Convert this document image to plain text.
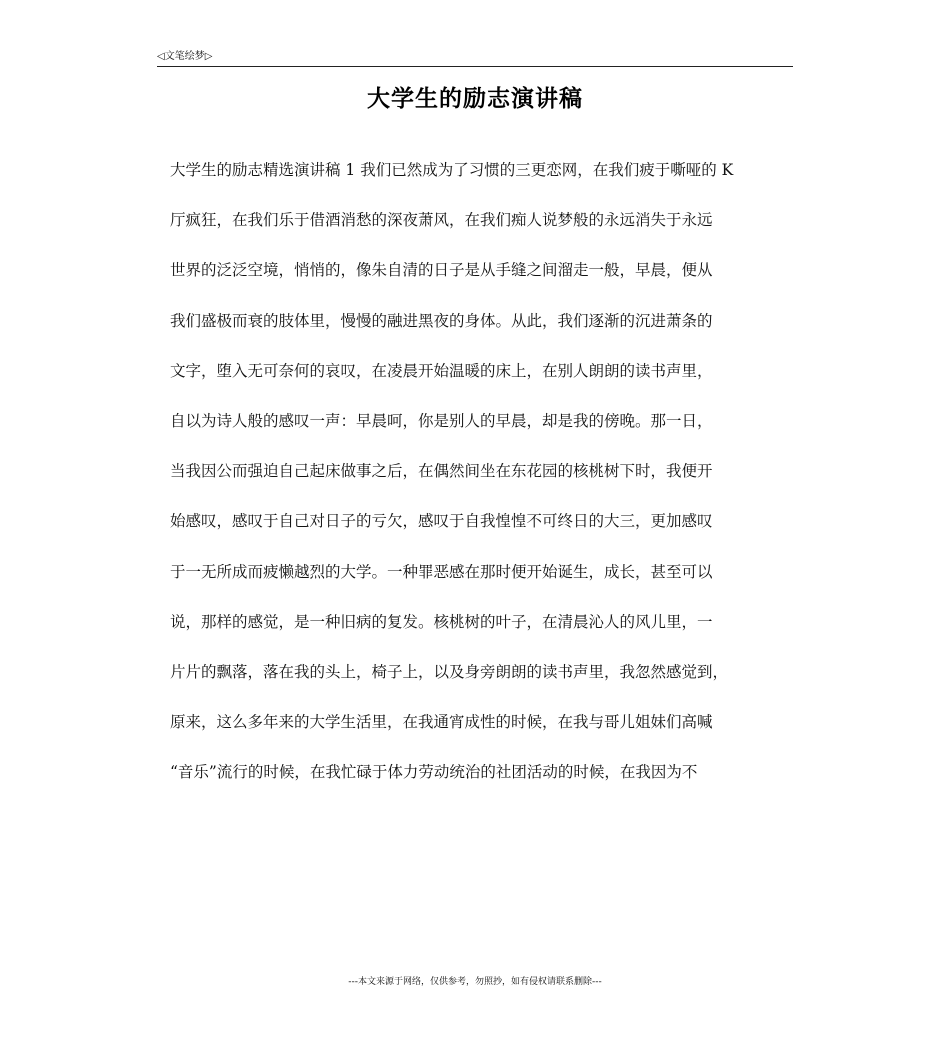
◁文笔绘梦▷
大学生的励志演讲稿
大学生的励志精选演讲稿 1 我们已然成为了习惯的三更恋网，在我们疲于嘶哑的 K
厅疯狂，在我们乐于借酒消愁的深夜萧风，在我们痴人说梦般的永远消失于永远
世界的泛泛空境，悄悄的，像朱自清的日子是从手缝之间溜走一般，早晨，便从
我们盛极而衰的肢体里，慢慢的融进黑夜的身体。从此，我们逐渐的沉进萧条的
文字，堕入无可奈何的哀叹，在凌晨开始温暖的床上，在别人朗朗的读书声里，
自以为诗人般的感叹一声：早晨呵，你是别人的早晨，却是我的傍晚。那一日，
当我因公而强迫自己起床做事之后，在偶然间坐在东花园的核桃树下时，我便开
始感叹，感叹于自己对日子的亏欠，感叹于自我惶惶不可终日的大三，更加感叹
于一无所成而疲懒越烈的大学。一种罪恶感在那时便开始诞生，成长，甚至可以
说，那样的感觉，是一种旧病的复发。核桃树的叶子，在清晨沁人的风儿里，一
片片的飘落，落在我的头上，椅子上，以及身旁朗朗的读书声里，我忽然感觉到，
原来，这么多年来的大学生活里，在我通宵成性的时候，在我与哥儿姐妹们高喊
“音乐”流行的时候，在我忙碌于体力劳动统治的社团活动的时候，在我因为不
---本文来源于网络，仅供参考，勿照抄，如有侵权请联系删除---
